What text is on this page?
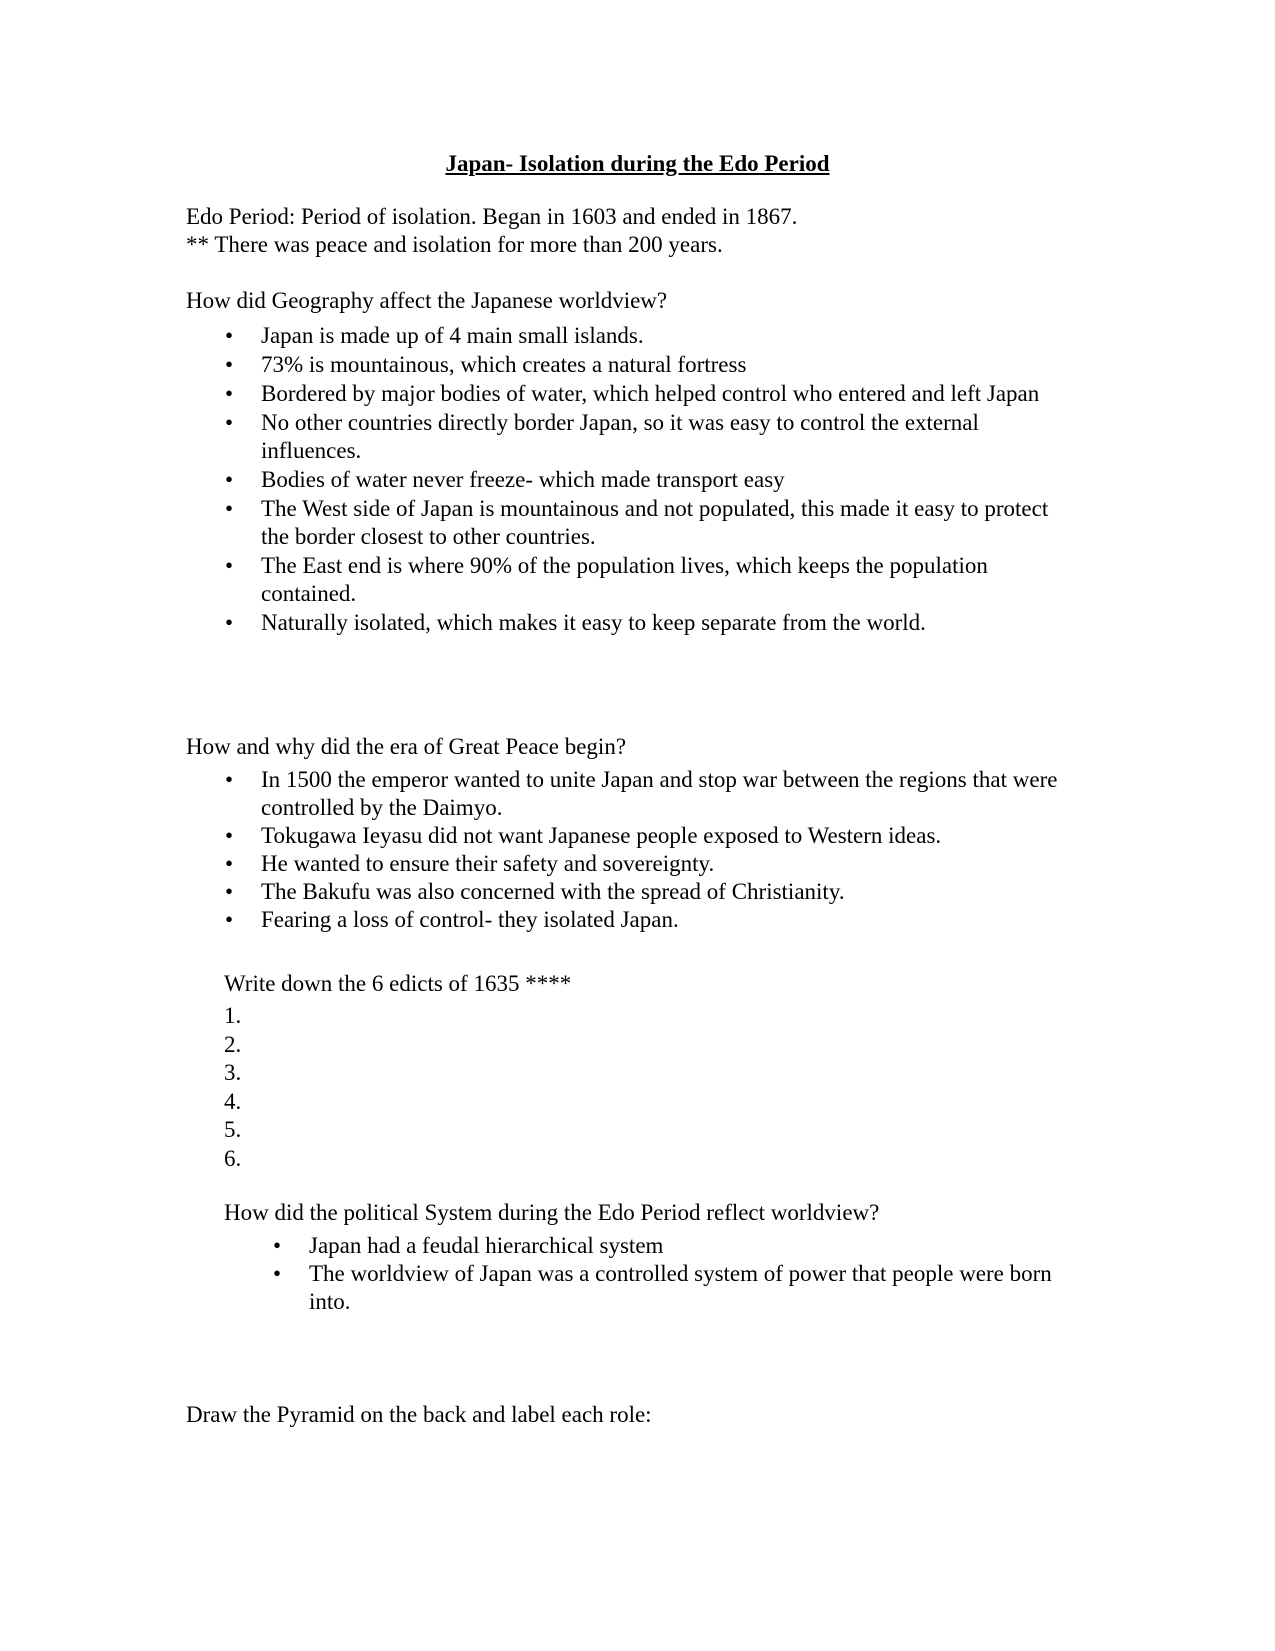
Japan- Isolation during the Edo Period
Edo Period: Period of isolation. Began in 1603 and ended in 1867.
** There was peace and isolation for more than 200 years.
How did Geography affect the Japanese worldview?
•	Japan is made up of 4 main small islands.
•	73% is mountainous, which creates a natural fortress
•	Bordered by major bodies of water, which helped control who entered and left Japan
•	No other countries directly border Japan, so it was easy to control the external influences.
•	Bodies of water never freeze- which made transport easy
•	The West side of Japan is mountainous and not populated, this made it easy to protect the border closest to other countries.
•	The East end is where 90% of the population lives, which keeps the population contained.
•	Naturally isolated, which makes it easy to keep separate from the world.
How and why did the era of Great Peace begin?
•	In 1500 the emperor wanted to unite Japan and stop war between the regions that were controlled by the Daimyo.
•	Tokugawa Ieyasu did not want Japanese people exposed to Western ideas.
•	He wanted to ensure their safety and sovereignty.
•	The Bakufu was also concerned with the spread of Christianity.
•	Fearing a loss of control- they isolated Japan.
Write down the 6 edicts of 1635 ****
1.
2.
3.
4.
5.
6.
How did the political System during the Edo Period reflect worldview?
•	Japan had a feudal hierarchical system
•	The worldview of Japan was a controlled system of power that people were born into.
Draw the Pyramid on the back and label each role:
